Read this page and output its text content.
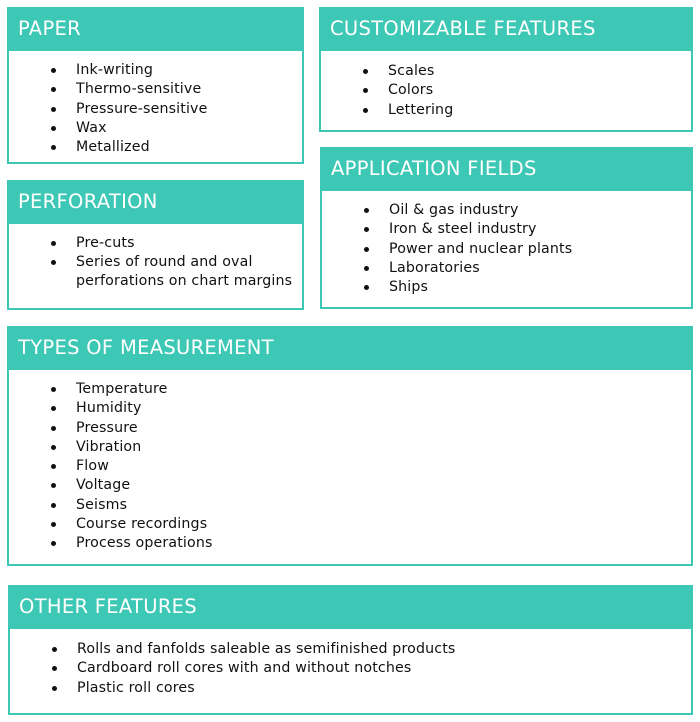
PAPER
Ink-writing
Thermo-sensitive
Pressure-sensitive
Wax
Metallized
CUSTOMIZABLE FEATURES
Scales
Colors
Lettering
PERFORATION
Pre-cuts
Series of round and oval perforations on chart margins
APPLICATION FIELDS
Oil & gas industry
Iron & steel industry
Power and nuclear plants
Laboratories
Ships
TYPES OF MEASUREMENT
Temperature
Humidity
Pressure
Vibration
Flow
Voltage
Seisms
Course recordings
Process operations
OTHER FEATURES
Rolls and fanfolds saleable as semifinished products
Cardboard roll cores with and without notches
Plastic roll cores
